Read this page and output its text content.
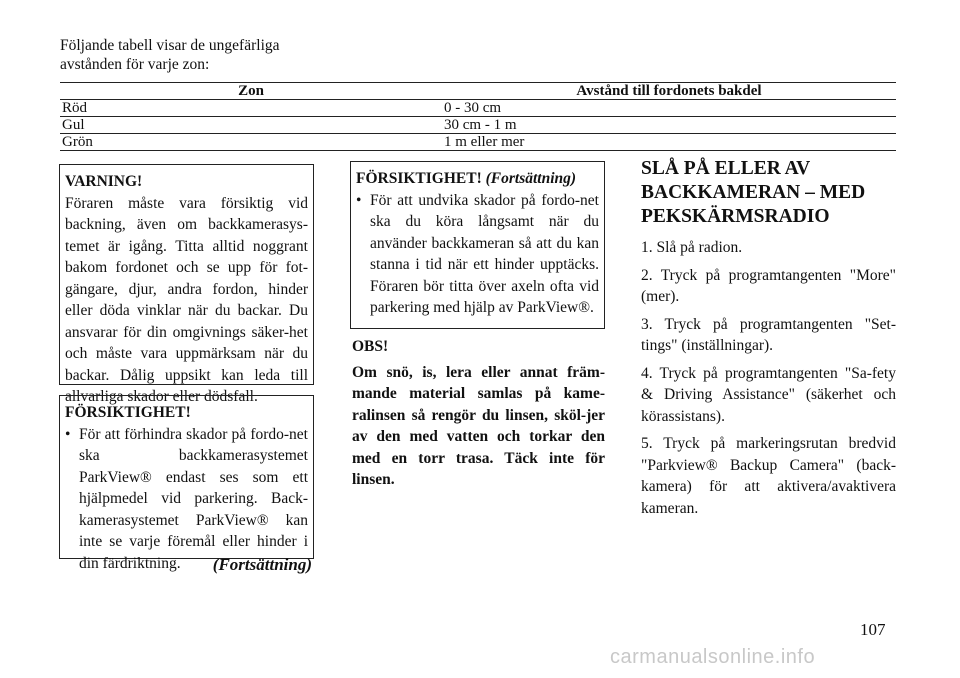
Följande tabell visar de ungefärliga avstånden för varje zon:
Zon	Avstånd till fordonets bakdel
Röd	0 - 30 cm
Gul	30 cm - 1 m
Grön	1 m eller mer
VARNING!

Föraren måste vara försiktig vid backning, även om backkamerasys-temet är igång. Titta alltid noggrant bakom fordonet och se upp för fot-gängare, djur, andra fordon, hinder eller döda vinklar när du backar. Du ansvarar för din omgivnings säker-het och måste vara uppmärksam när du backar. Dålig uppsikt kan leda till allvarliga skador eller dödsfall.

FÖRSIKTIGHET!
• För att förhindra skador på fordo-net ska backkamerasystemet ParkView® endast ses som ett hjälpmedel vid parkering. Back-kamerasystemet ParkView® kan inte se varje föremål eller hinder i din färdriktning.	(Fortsättning)
FÖRSIKTIGHET! (Fortsättning)
• För att undvika skador på fordo-net ska du köra långsamt när du använder backkameran så att du kan stanna i tid när ett hinder upptäcks. Föraren bör titta över axeln ofta vid parkering med hjälp av ParkView®.
OBS!
Om snö, is, lera eller annat främ-mande material samlas på kame-ralinsen så rengör du linsen, sköl-jer av den med vatten och torkar den med en torr trasa. Täck inte för linsen.
SLÅ PÅ ELLER AV BACKKAMERAN – MED PEKSKÄRMSRADIO

1. Slå på radion.

2. Tryck på programtangenten "More" (mer).

3. Tryck på programtangenten "Set-tings" (inställningar).

4. Tryck på programtangenten "Sa-fety & Driving Assistance" (säkerhet och körassistans).

5. Tryck på markeringsrutan bredvid "Parkview® Backup Camera" (back-kamera) för att aktivera/avaktivera kameran.

107
carmanualsonline.info
